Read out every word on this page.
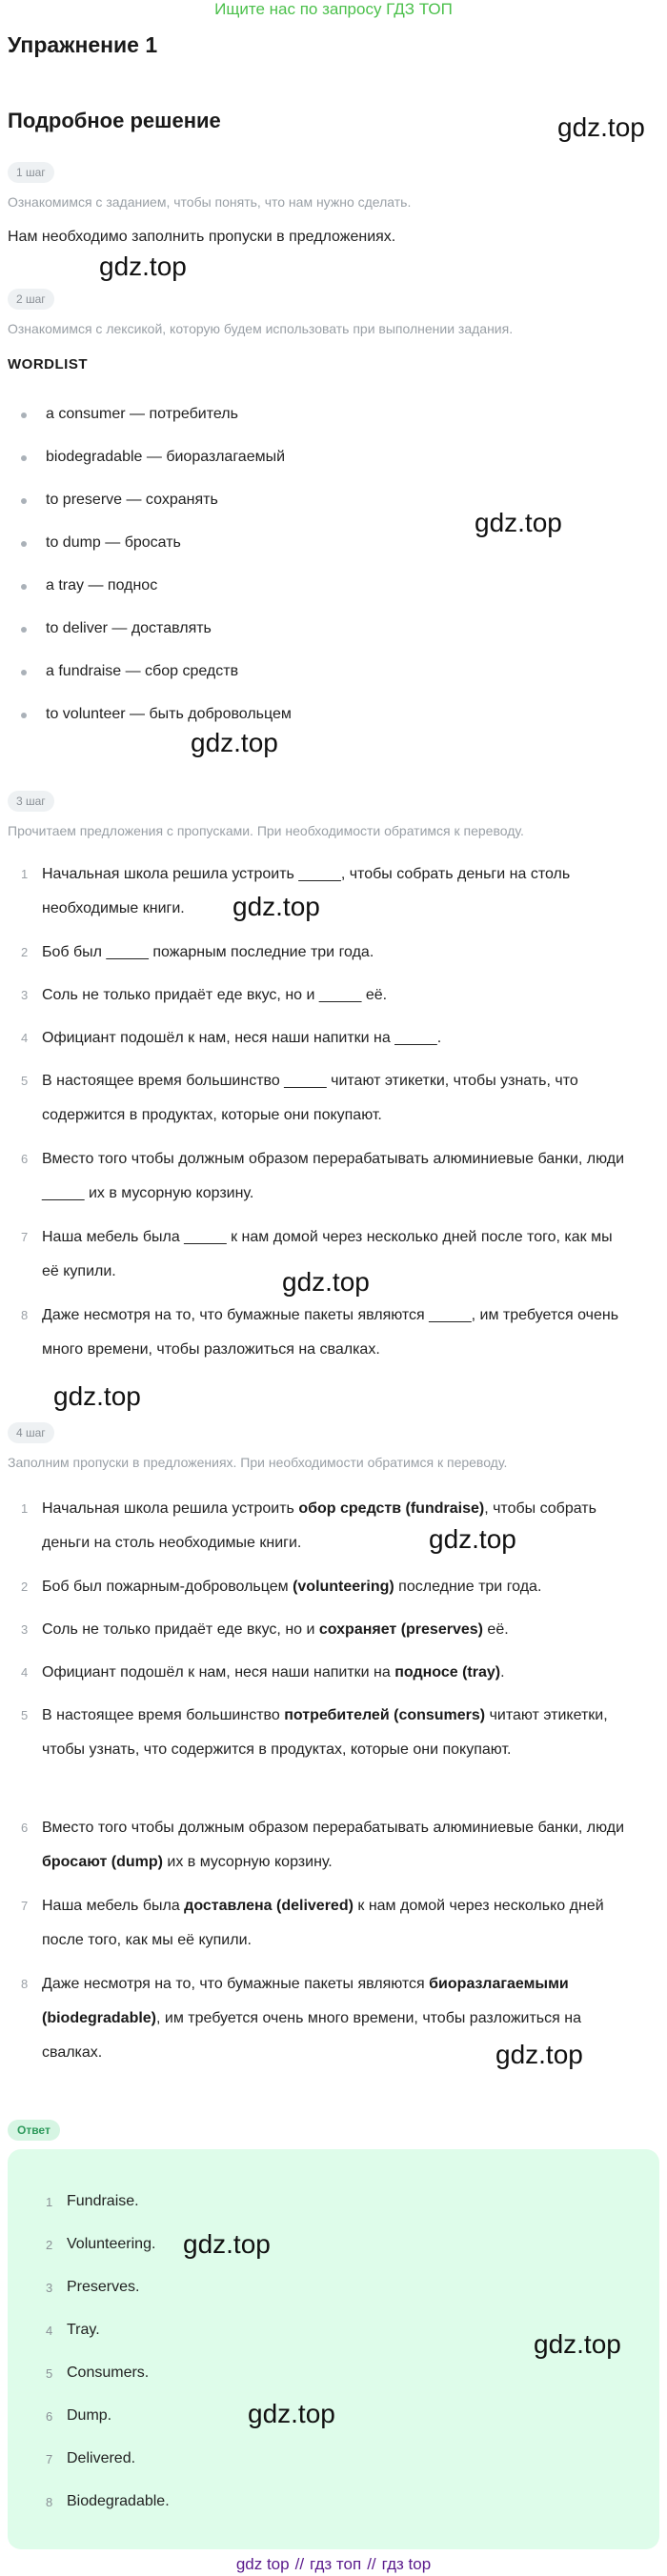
Ищите нас по запросу ГДЗ ТОП
Упражнение 1
Подробное решение
1 шаг
Ознакомимся с заданием, чтобы понять, что нам нужно сделать.
Нам необходимо заполнить пропуски в предложениях.
2 шаг
Ознакомимся с лексикой, которую будем использовать при выполнении задания.
WORDLIST
a consumer — потребитель
biodegradable — биоразлагаемый
to preserve — сохранять
to dump — бросать
a tray — поднос
to deliver — доставлять
a fundraise — сбор средств
to volunteer — быть добровольцем
3 шаг
Прочитаем предложения с пропусками. При необходимости обратимся к переводу.
1 Начальная школа решила устроить _____, чтобы собрать деньги на столь необходимые книги.
2 Боб был _____ пожарным последние три года.
3 Соль не только придаёт еде вкус, но и _____ её.
4 Официант подошёл к нам, неся наши напитки на _____.
5 В настоящее время большинство _____ читают этикетки, чтобы узнать, что содержится в продуктах, которые они покупают.
6 Вместо того чтобы должным образом перерабатывать алюминиевые банки, люди _____ их в мусорную корзину.
7 Наша мебель была _____ к нам домой через несколько дней после того, как мы её купили.
8 Даже несмотря на то, что бумажные пакеты являются _____, им требуется очень много времени, чтобы разложиться на свалках.
4 шаг
Заполним пропуски в предложениях. При необходимости обратимся к переводу.
1 Начальная школа решила устроить обор средств (fundraise), чтобы собрать деньги на столь необходимые книги.
2 Боб был пожарным-добровольцем (volunteering) последние три года.
3 Соль не только придаёт еде вкус, но и сохраняет (preserves) её.
4 Официант подошёл к нам, неся наши напитки на подносе (tray).
5 В настоящее время большинство потребителей (consumers) читают этикетки, чтобы узнать, что содержится в продуктах, которые они покупают.
6 Вместо того чтобы должным образом перерабатывать алюминиевые банки, люди бросают (dump) их в мусорную корзину.
7 Наша мебель была доставлена (delivered) к нам домой через несколько дней после того, как мы её купили.
8 Даже несмотря на то, что бумажные пакеты являются биоразлагаемыми (biodegradable), им требуется очень много времени, чтобы разложиться на свалках.
Ответ
1 Fundraise.
2 Volunteering.
3 Preserves.
4 Tray.
5 Consumers.
6 Dump.
7 Delivered.
8 Biodegradable.
gdz.top
gdz.top
gdz.top
gdz.top
gdz.top
gdz.top
gdz.top
gdz.top
gdz.top
gdz.top
gdz.top
gdz.top
gdz top // гдз топ // гдз top
